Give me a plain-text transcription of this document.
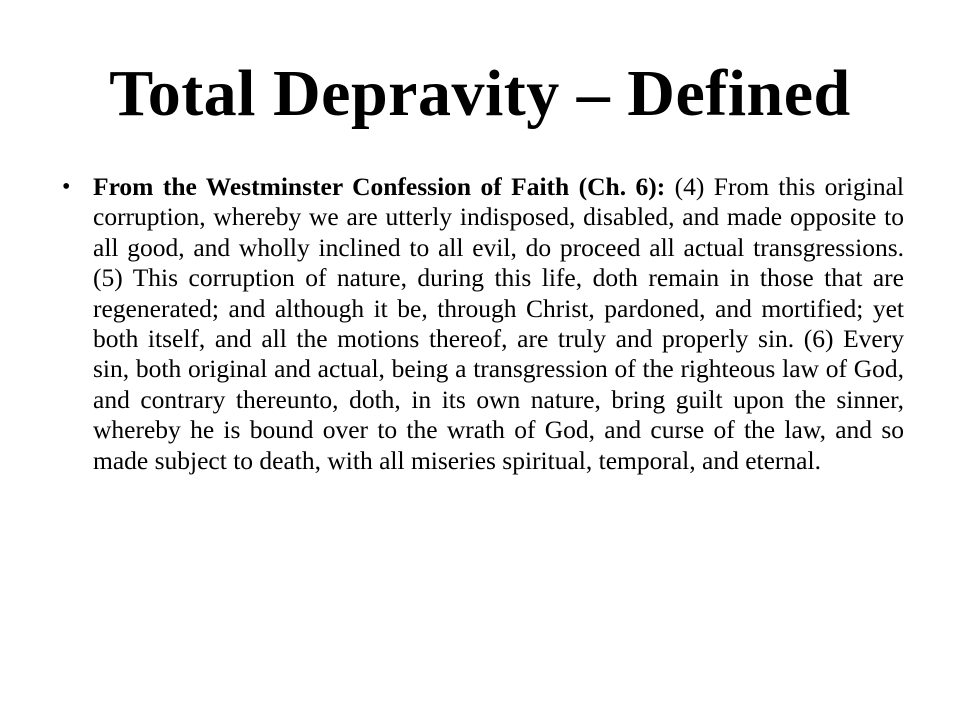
Total Depravity – Defined
• From the Westminster Confession of Faith (Ch. 6): (4) From this original corruption, whereby we are utterly indisposed, disabled, and made opposite to all good, and wholly inclined to all evil, do proceed all actual transgressions. (5) This corruption of nature, during this life, doth remain in those that are regenerated; and although it be, through Christ, pardoned, and mortified; yet both itself, and all the motions thereof, are truly and properly sin. (6) Every sin, both original and actual, being a transgression of the righteous law of God, and contrary thereunto, doth, in its own nature, bring guilt upon the sinner, whereby he is bound over to the wrath of God, and curse of the law, and so made subject to death, with all miseries spiritual, temporal, and eternal.
